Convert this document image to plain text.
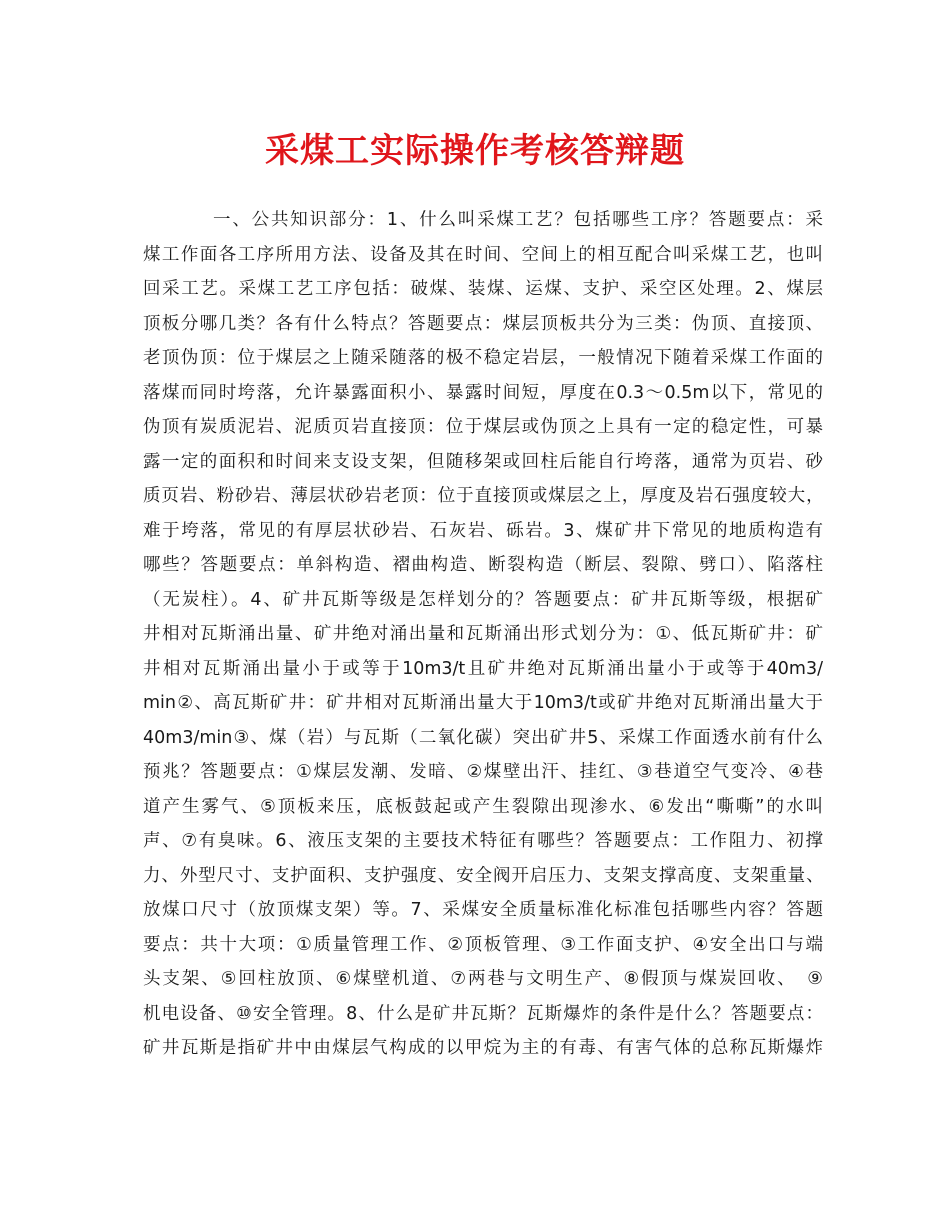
采煤工实际操作考核答辩题
一、公共知识部分：1、什么叫采煤工艺？包括哪些工序？答题要点：采
煤工作面各工序所用方法、设备及其在时间、空间上的相互配合叫采煤工艺，也叫
回采工艺。采煤工艺工序包括：破煤、装煤、运煤、支护、采空区处理。2、煤层
顶板分哪几类？各有什么特点？答题要点：煤层顶板共分为三类：伪顶、直接顶、
老顶伪顶：位于煤层之上随采随落的极不稳定岩层，一般情况下随着采煤工作面的
落煤而同时垮落，允许暴露面积小、暴露时间短，厚度在0.3～0.5m以下，常见的
伪顶有炭质泥岩、泥质页岩直接顶：位于煤层或伪顶之上具有一定的稳定性，可暴
露一定的面积和时间来支设支架，但随移架或回柱后能自行垮落，通常为页岩、砂
质页岩、粉砂岩、薄层状砂岩老顶：位于直接顶或煤层之上，厚度及岩石强度较大，
难于垮落，常见的有厚层状砂岩、石灰岩、砾岩。3、煤矿井下常见的地质构造有
哪些？答题要点：单斜构造、褶曲构造、断裂构造（断层、裂隙、劈口）、陷落柱
（无炭柱）。4、矿井瓦斯等级是怎样划分的？答题要点：矿井瓦斯等级，根据矿
井相对瓦斯涌出量、矿井绝对涌出量和瓦斯涌出形式划分为：①、低瓦斯矿井：矿
井相对瓦斯涌出量小于或等于10m3/t且矿井绝对瓦斯涌出量小于或等于40m3/
min②、高瓦斯矿井：矿井相对瓦斯涌出量大于10m3/t或矿井绝对瓦斯涌出量大于
40m3/min③、煤（岩）与瓦斯（二氧化碳）突出矿井5、采煤工作面透水前有什么
预兆？答题要点：①煤层发潮、发暗、②煤壁出汗、挂红、③巷道空气变冷、④巷
道产生雾气、⑤顶板来压，底板鼓起或产生裂隙出现渗水、⑥发出“嘶嘶”的水叫
声、⑦有臭味。6、液压支架的主要技术特征有哪些？答题要点：工作阻力、初撑
力、外型尺寸、支护面积、支护强度、安全阀开启压力、支架支撑高度、支架重量、
放煤口尺寸（放顶煤支架）等。7、采煤安全质量标准化标准包括哪些内容？答题
要点：共十大项：①质量管理工作、②顶板管理、③工作面支护、④安全出口与端
头支架、⑤回柱放顶、⑥煤壁机道、⑦两巷与文明生产、⑧假顶与煤炭回收、　⑨
机电设备、⑩安全管理。8、什么是矿井瓦斯？瓦斯爆炸的条件是什么？答题要点：
矿井瓦斯是指矿井中由煤层气构成的以甲烷为主的有毒、有害气体的总称瓦斯爆炸
